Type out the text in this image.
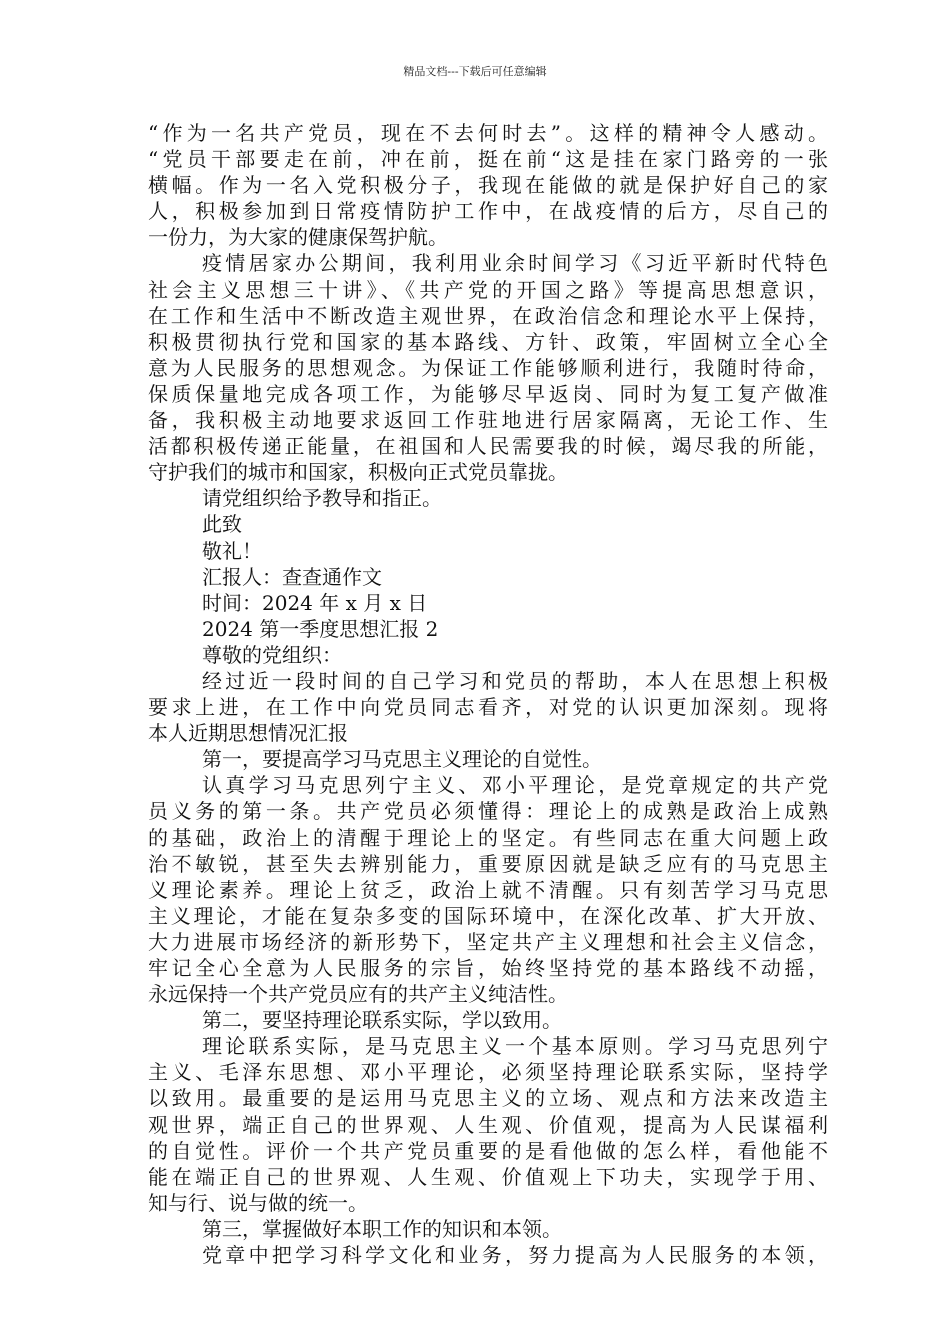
精品文档---下载后可任意编辑
“作为一名共产党员，现在不去何时去”。这样的精神令人感动。
“党员干部要走在前，冲在前，挺在前“这是挂在家门路旁的一张
横幅。作为一名入党积极分子，我现在能做的就是保护好自己的家
人，积极参加到日常疫情防护工作中，在战疫情的后方，尽自己的
一份力，为大家的健康保驾护航。
疫情居家办公期间，我利用业余时间学习《习近平新时代特色
社会主义思想三十讲》、《共产党的开国之路》等提高思想意识，
在工作和生活中不断改造主观世界，在政治信念和理论水平上保持，
积极贯彻执行党和国家的基本路线、方针、政策，牢固树立全心全
意为人民服务的思想观念。为保证工作能够顺利进行，我随时待命，
保质保量地完成各项工作，为能够尽早返岗、同时为复工复产做准
备，我积极主动地要求返回工作驻地进行居家隔离，无论工作、生
活都积极传递正能量，在祖国和人民需要我的时候，竭尽我的所能，
守护我们的城市和国家，积极向正式党员靠拢。
请党组织给予教导和指正。
此致
敬礼！
汇报人：查查通作文
时间：2024 年 x 月 x 日
2024 第一季度思想汇报 2
尊敬的党组织：
经过近一段时间的自己学习和党员的帮助，本人在思想上积极
要求上进，在工作中向党员同志看齐，对党的认识更加深刻。现将
本人近期思想情况汇报
第一，要提高学习马克思主义理论的自觉性。
认真学习马克思列宁主义、邓小平理论，是党章规定的共产党
员义务的第一条。共产党员必须懂得：理论上的成熟是政治上成熟
的基础，政治上的清醒于理论上的坚定。有些同志在重大问题上政
治不敏锐，甚至失去辨别能力，重要原因就是缺乏应有的马克思主
义理论素养。理论上贫乏，政治上就不清醒。只有刻苦学习马克思
主义理论，才能在复杂多变的国际环境中，在深化改革、扩大开放、
大力进展市场经济的新形势下，坚定共产主义理想和社会主义信念，
牢记全心全意为人民服务的宗旨，始终坚持党的基本路线不动摇，
永远保持一个共产党员应有的共产主义纯洁性。
第二，要坚持理论联系实际，学以致用。
理论联系实际，是马克思主义一个基本原则。学习马克思列宁
主义、毛泽东思想、邓小平理论，必须坚持理论联系实际，坚持学
以致用。最重要的是运用马克思主义的立场、观点和方法来改造主
观世界，端正自己的世界观、人生观、价值观，提高为人民谋福利
的自觉性。评价一个共产党员重要的是看他做的怎么样，看他能不
能在端正自己的世界观、人生观、价值观上下功夫，实现学于用、
知与行、说与做的统一。
第三，掌握做好本职工作的知识和本领。
党章中把学习科学文化和业务，努力提高为人民服务的本领，
